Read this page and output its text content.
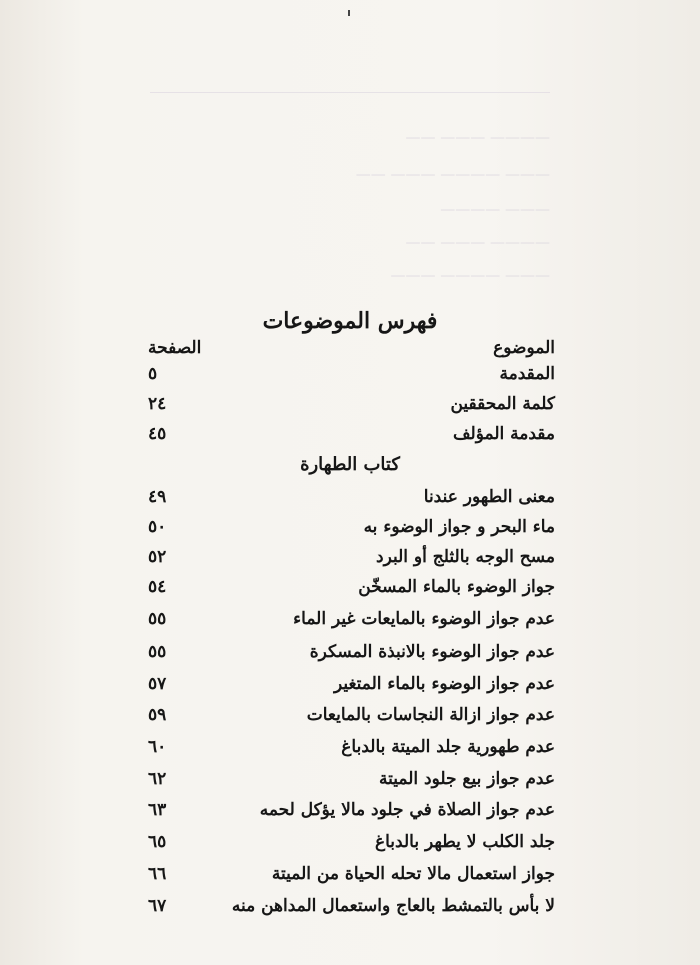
———— ——— ——
——— ———— ——— ——
——— ————
———— ——— ——
——— ———— ———
فهرس الموضوعات
الموضوع
الصفحة
المقدمة
٥
كلمة المحققين
٢٤
مقدمة المؤلف
٤٥
كتاب الطهارة
معنى الطهور عندنا
٤٩
ماء البحر و جواز الوضوء به
٥٠
مسح الوجه بالثلج أو البرد
٥٢
جواز الوضوء بالماء المسخّن
٥٤
عدم جواز الوضوء بالمايعات غير الماء
٥٥
عدم جواز الوضوء بالانبذة المسكرة
٥٥
عدم جواز الوضوء بالماء المتغير
٥٧
عدم جواز ازالة النجاسات بالمايعات
٥٩
عدم طهورية جلد الميتة بالدباغ
٦٠
عدم جواز بيع جلود الميتة
٦٢
عدم جواز الصلاة في جلود مالا يؤكل لحمه
٦٣
جلد الكلب لا يطهر بالدباغ
٦٥
جواز استعمال مالا تحله الحياة من الميتة
٦٦
لا بأس بالتمشط بالعاج واستعمال المداهن منه
٦٧
